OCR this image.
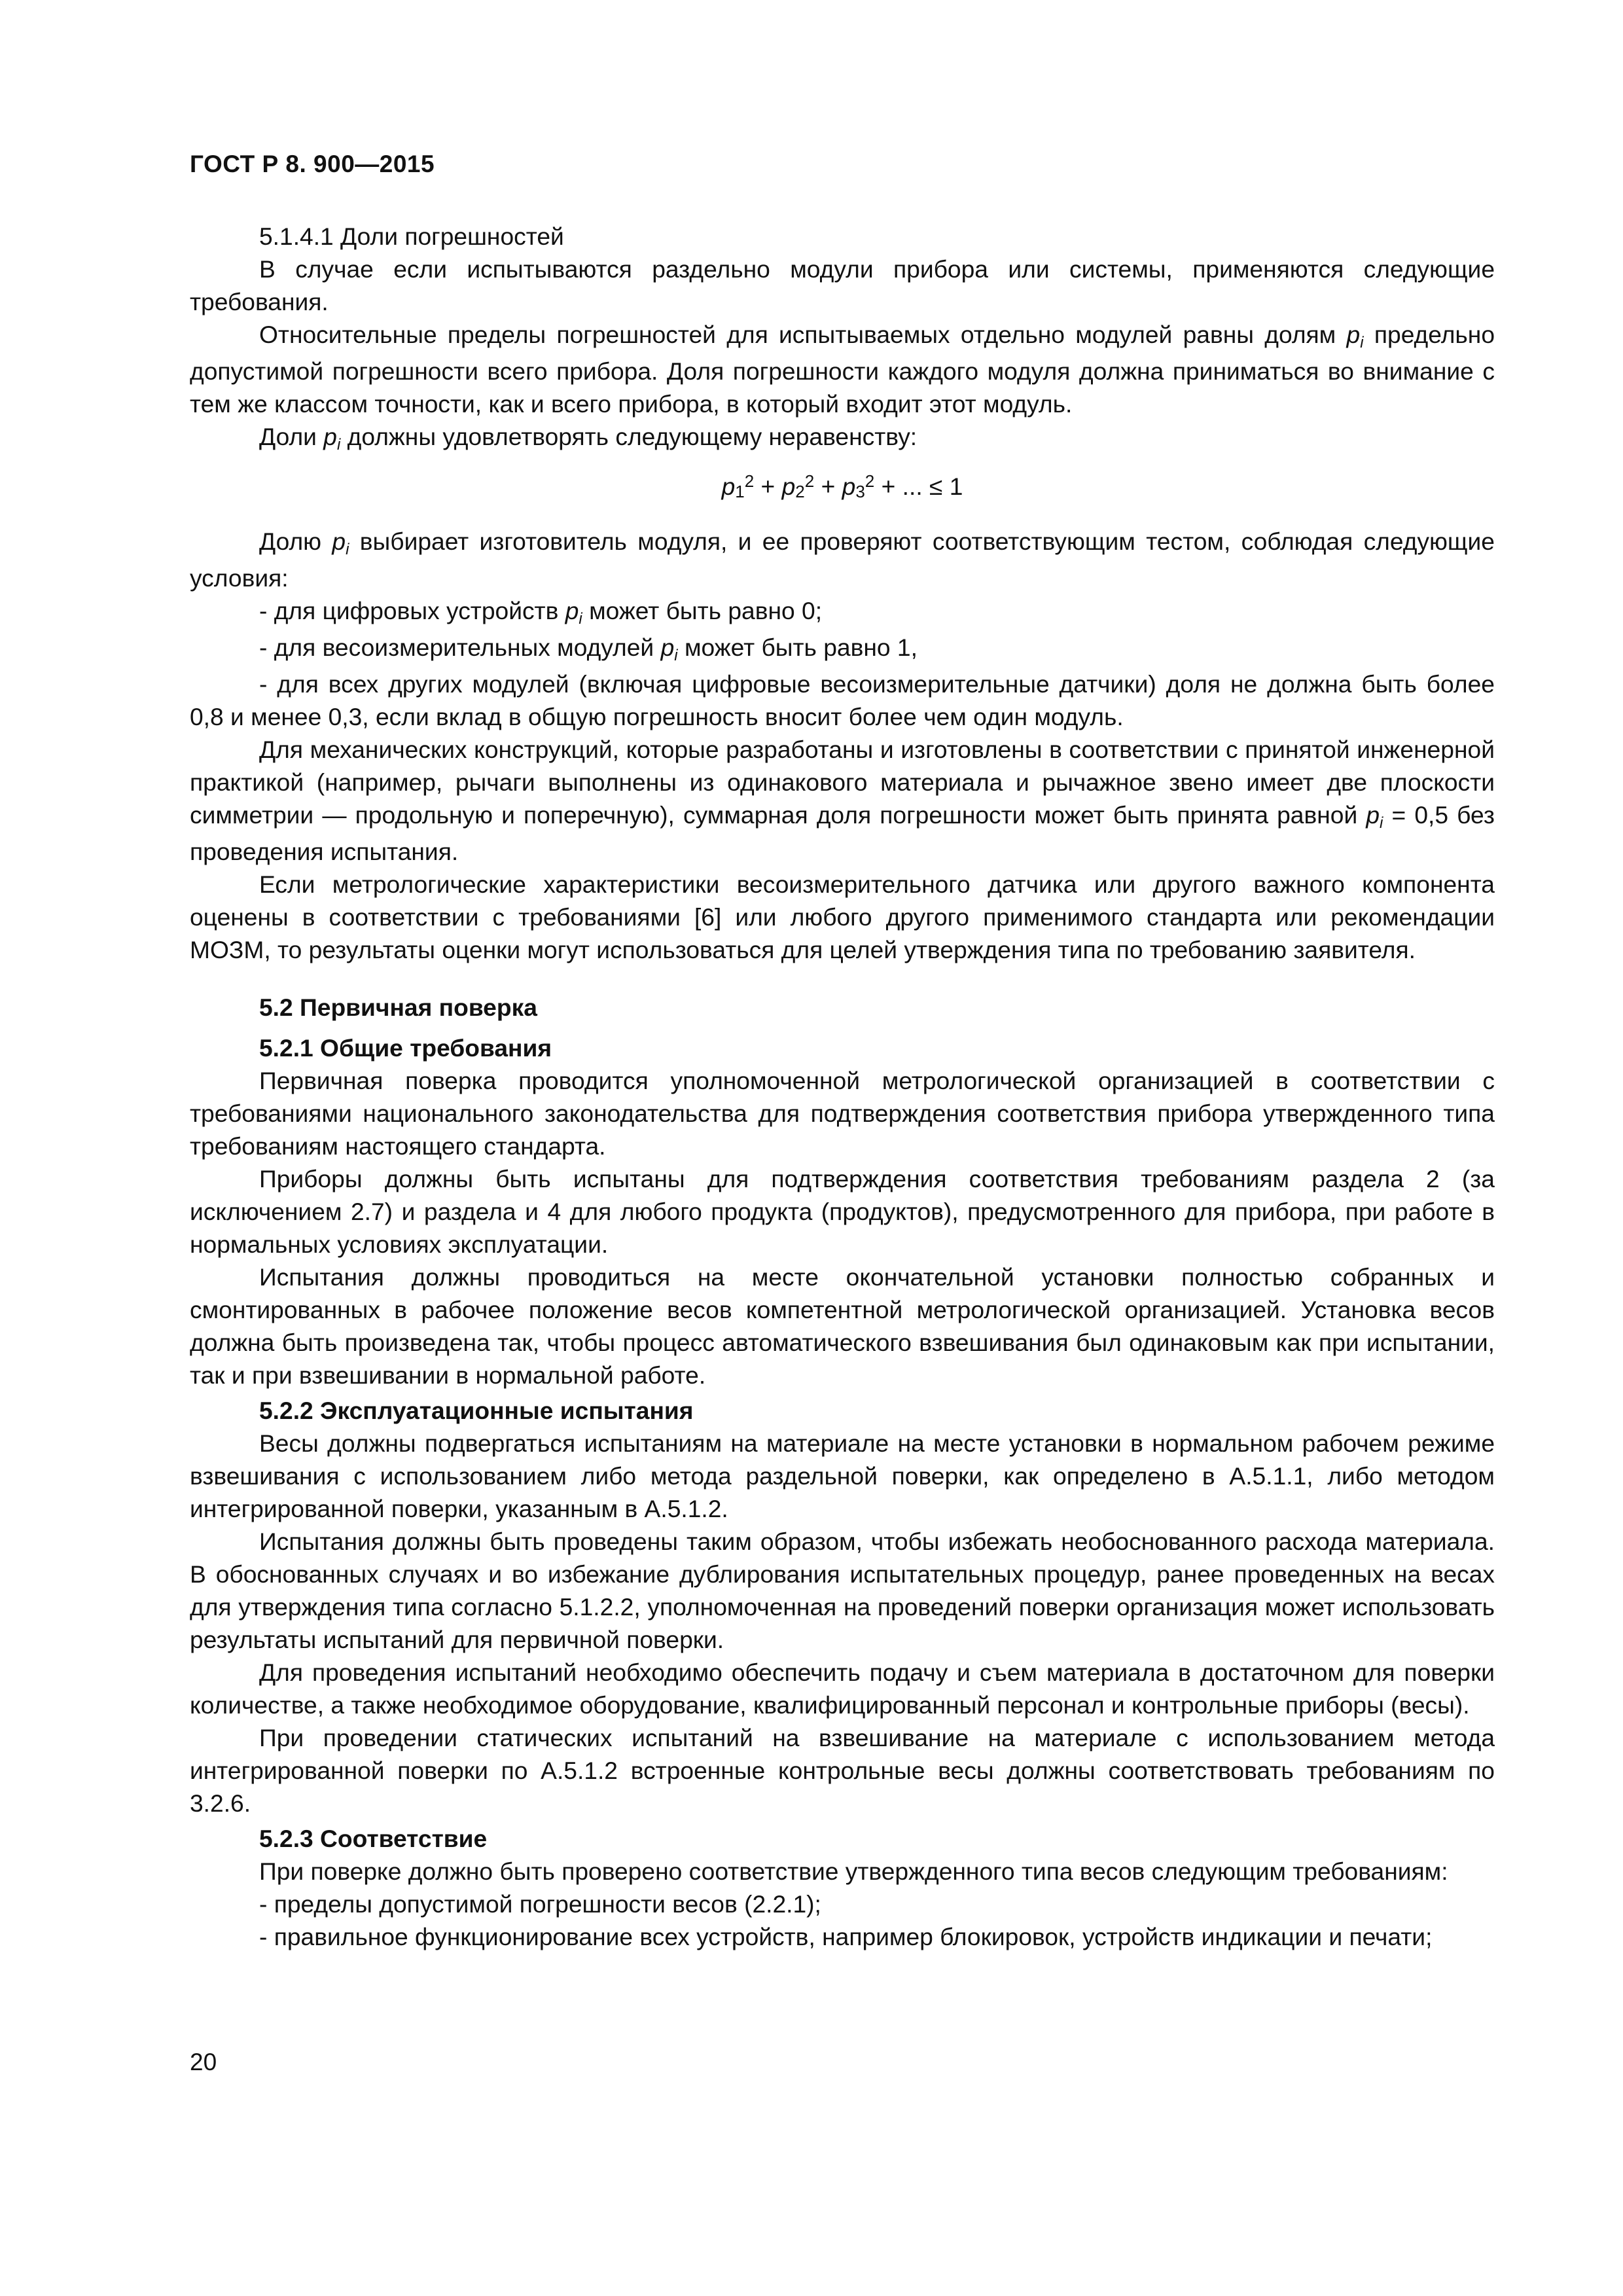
ГОСТ Р 8. 900—2015

5.1.4.1 Доли погрешностей

В случае если испытываются раздельно модули прибора или системы, применяются следующие требования.

Относительные пределы погрешностей для испытываемых отдельно модулей равны долям $p_i$ предельно допустимой погрешности всего прибора. Доля погрешности каждого модуля должна приниматься во внимание с тем же классом точности, как и всего прибора, в который входит этот модуль.

Доли $p_i$ должны удовлетворять следующему неравенству:

$p_1^2 + p_2^2 + p_3^2$ + ... ≤ 1

Долю $p_i$ выбирает изготовитель модуля, и ее проверяют соответствующим тестом, соблюдая следующие условия:

- для цифровых устройств $p_i$ может быть равно 0;

- для весоизмерительных модулей $p_i$ может быть равно 1,

- для всех других модулей (включая цифровые весоизмерительные датчики) доля не должна быть более 0,8 и менее 0,3, если вклад в общую погрешность вносит более чем один модуль.

Для механических конструкций, которые разработаны и изготовлены в соответствии с принятой инженерной практикой (например, рычаги выполнены из одинакового материала и рычажное звено имеет две плоскости симметрии — продольную и поперечную), суммарная доля погрешности может быть принята равной $p_i = 0,5$ без проведения испытания.

Если метрологические характеристики весоизмерительного датчика или другого важного компонента оценены в соответствии с требованиями [6] или любого другого применимого стандарта или рекомендации МОЗМ, то результаты оценки могут использоваться для целей утверждения типа по требованию заявителя.

5.2 Первичная поверка
5.2.1 Общие требования

Первичная поверка проводится уполномоченной метрологической организацией в соответствии с требованиями национального законодательства для подтверждения соответствия прибора утвержденного типа требованиям настоящего стандарта.

Приборы должны быть испытаны для подтверждения соответствия требованиям раздела 2 (за исключением 2.7) и раздела и 4 для любого продукта (продуктов), предусмотренного для прибора, при работе в нормальных условиях эксплуатации.

Испытания должны проводиться на месте окончательной установки полностью собранных и смонтированных в рабочее положение весов компетентной метрологической организацией. Установка весов должна быть произведена так, чтобы процесс автоматического взвешивания был одинаковым как при испытании, так и при взвешивании в нормальной работе.

5.2.2 Эксплуатационные испытания

Весы должны подвергаться испытаниям на материале на месте установки в нормальном рабочем режиме взвешивания с использованием либо метода раздельной поверки, как определено в А.5.1.1, либо методом интегрированной поверки, указанным в А.5.1.2.

Испытания должны быть проведены таким образом, чтобы избежать необоснованного расхода материала. В обоснованных случаях и во избежание дублирования испытательных процедур, ранее проведенных на весах для утверждения типа согласно 5.1.2.2, уполномоченная на проведений поверки организация может использовать результаты испытаний для первичной поверки.

Для проведения испытаний необходимо обеспечить подачу и съем материала в достаточном для поверки количестве, а также необходимое оборудование, квалифицированный персонал и контрольные приборы (весы).

При проведении статических испытаний на взвешивание на материале с использованием метода интегрированной поверки по А.5.1.2 встроенные контрольные весы должны соответствовать требованиям по 3.2.6.

5.2.3 Соответствие

При поверке должно быть проверено соответствие утвержденного типа весов следующим требованиям:

- пределы допустимой погрешности весов (2.2.1);

- правильное функционирование всех устройств, например блокировок, устройств индикации и печати;

20
